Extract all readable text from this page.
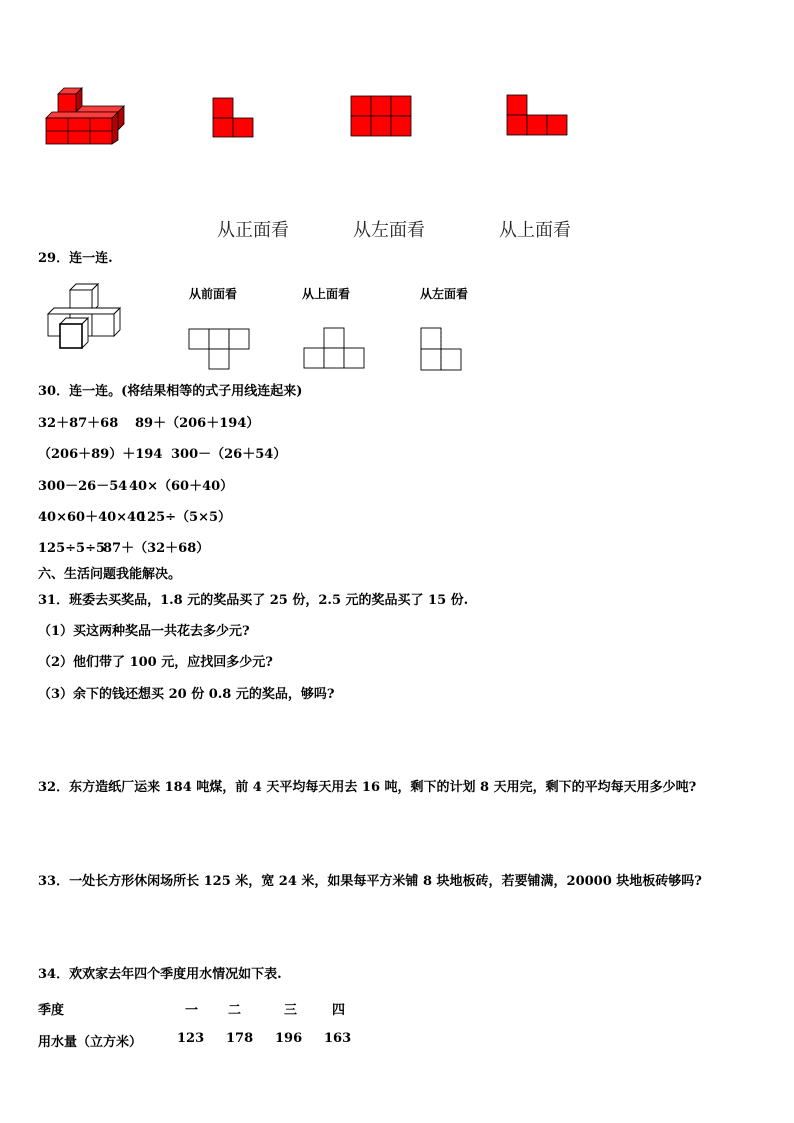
从正面看	从左面看	从上面看
29．连一连.
从前面看	从上面看	从左面看
30．连一连。(将结果相等的式子用线连起来)
32＋87＋68 89＋（206＋194）
（206＋89）＋194 300－（26＋54）
300－26－54 40×（60＋40）
40×60＋40×40
125÷（5×5）
125÷5÷5
87＋（32＋68）
六、生活问题我能解决。
31．班委去买奖品，1.8 元的奖品买了 25 份，2.5 元的奖品买了 15 份.
（1）买这两种奖品一共花去多少元?
（2）他们带了 100 元，应找回多少元?
（3）余下的钱还想买 20 份 0.8 元的奖品，够吗?
32．东方造纸厂运来 184 吨煤，前 4 天平均每天用去 16 吨，剩下的计划 8 天用完，剩下的平均每天用多少吨?
33．一处长方形休闲场所长 125 米，宽 24 米，如果每平方米铺 8 块地板砖，若要铺满，20000 块地板砖够吗?
34．欢欢家去年四个季度用水情况如下表.
季度	一 二	三	四
用水量（立方米）	123 178 196 163
